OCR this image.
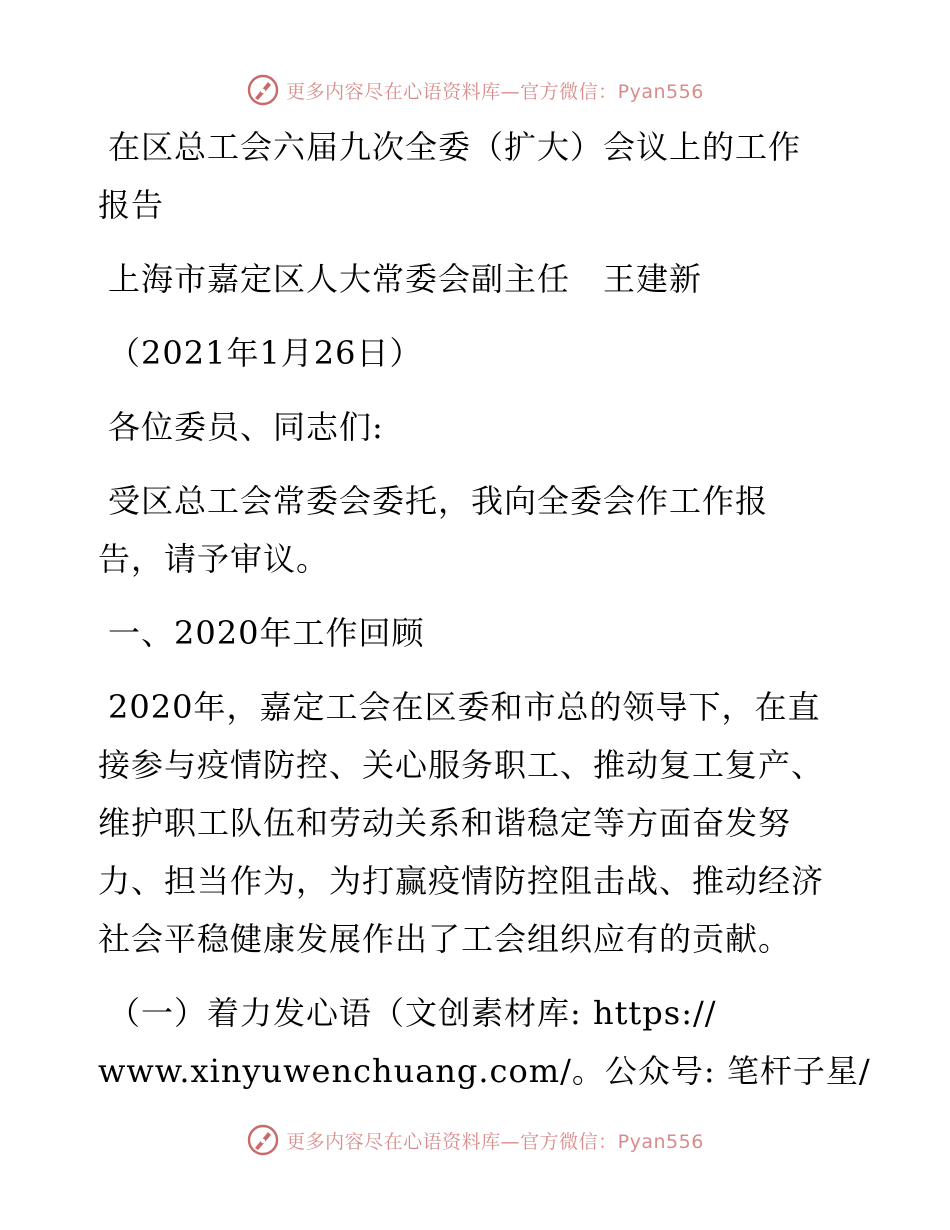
更多内容尽在心语资料库—官方微信：Pyan556
在区总工会六届九次全委（扩大）会议上的工作
报告
上海市嘉定区人大常委会副主任　王建新
（2021年1月26日）
各位委员、同志们:
受区总工会常委会委托，我向全委会作工作报
告，请予审议。
一、2020年工作回顾
2020年，嘉定工会在区委和市总的领导下，在直
接参与疫情防控、关心服务职工、推动复工复产、
维护职工队伍和劳动关系和谐稳定等方面奋发努
力、担当作为，为打赢疫情防控阻击战、推动经济
社会平稳健康发展作出了工会组织应有的贡献。
（一）着力发心语（文创素材库: https://
www.xinyuwenchuang.com/。公众号: 笔杆子星/
更多内容尽在心语资料库—官方微信：Pyan556
